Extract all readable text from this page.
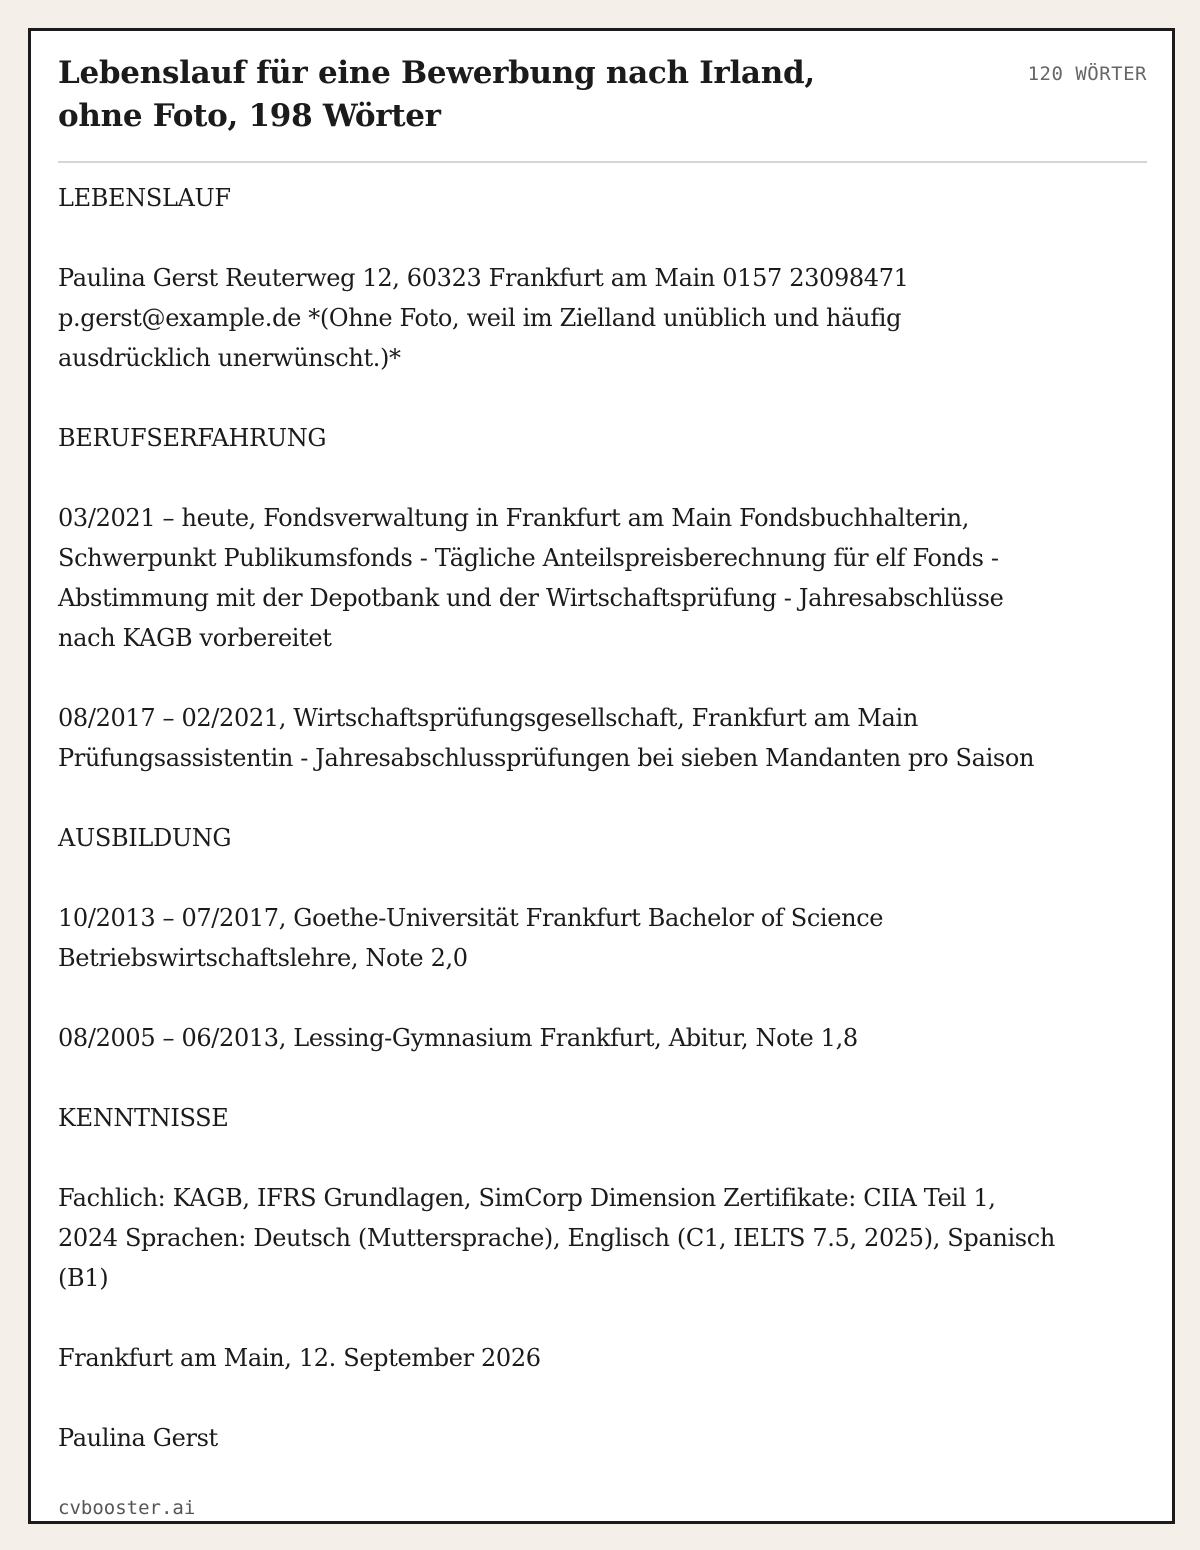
Lebenslauf für eine Bewerbung nach Irland,
ohne Foto, 198 Wörter
120 WÖRTER

LEBENSLAUF

Paulina Gerst Reuterweg 12, 60323 Frankfurt am Main 0157 23098471 p.gerst@example.de *(Ohne Foto, weil im Zielland unüblich und häufig ausdrücklich unerwünscht.)*

BERUFSERFAHRUNG

03/2021 – heute, Fondsverwaltung in Frankfurt am Main Fondsbuchhalterin, Schwerpunkt Publikumsfonds - Tägliche Anteilspreisberechnung für elf Fonds - Abstimmung mit der Depotbank und der Wirtschaftsprüfung - Jahresabschlüsse nach KAGB vorbereitet

08/2017 – 02/2021, Wirtschaftsprüfungsgesellschaft, Frankfurt am Main Prüfungsassistentin - Jahresabschlussprüfungen bei sieben Mandanten pro Saison

AUSBILDUNG

10/2013 – 07/2017, Goethe-Universität Frankfurt Bachelor of Science Betriebswirtschaftslehre, Note 2,0

08/2005 – 06/2013, Lessing-Gymnasium Frankfurt, Abitur, Note 1,8

KENNTNISSE

Fachlich: KAGB, IFRS Grundlagen, SimCorp Dimension Zertifikate: CIIA Teil 1, 2024 Sprachen: Deutsch (Muttersprache), Englisch (C1, IELTS 7.5, 2025), Spanisch (B1)

Frankfurt am Main, 12. September 2026

Paulina Gerst

cvbooster.ai
